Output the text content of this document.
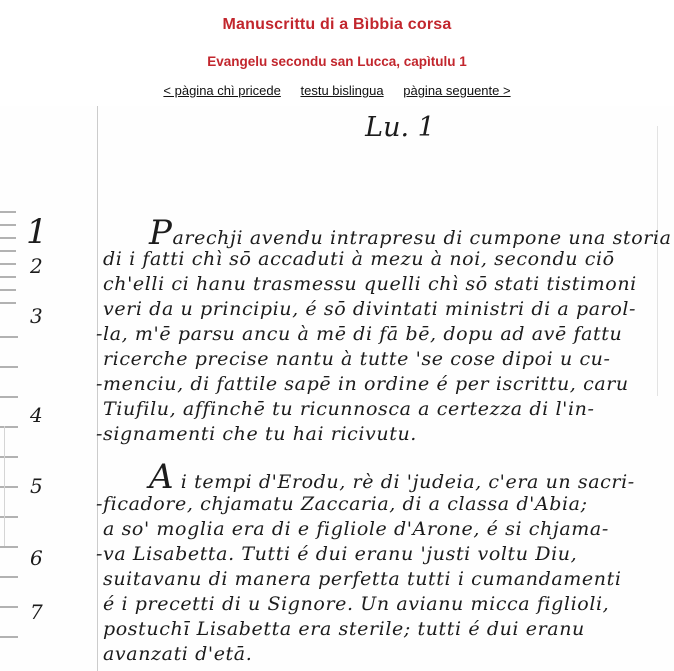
Manuscrittu di a Bìbbia corsa
Evangelu secondu san Lucca, capìtulu 1
< pàgina chì pricede testu bislingua pàgina seguente >
Lu. 1
1
2
3
4
5
6
7
Parechji avendu intrapresu di cumpone una storia
di i fatti chì sō accaduti à mezu à noi, secondu ciō
ch'elli ci hanu trasmessu quelli chì sō stati tistimoni
veri da u principiu, é sō divintati ministri di a parol-
-la, m'ē parsu ancu à mē di fā bē, dopu ad avē fattu
ricerche precise nantu à tutte 'se cose dipoi u cu-
-menciu, di fattile sapē in ordine é per iscrittu, caru
Tiufilu, affinchē tu ricunnosca a certezza di l'in-
-signamenti che tu hai ricivutu.
A i tempi d'Erodu, rè di 'judeia, c'era un sacri-
-ficadore, chjamatu Zaccaria, di a classa d'Abia;
a so' moglia era di e figliole d'Arone, é si chjama-
-va Lisabetta. Tutti é dui eranu 'justi voltu Diu,
suitavanu di manera perfetta tutti i cumandamenti
é i precetti di u Signore. Un avianu micca figlioli,
postuchī Lisabetta era sterile; tutti é dui eranu
avanzati d'etā.
